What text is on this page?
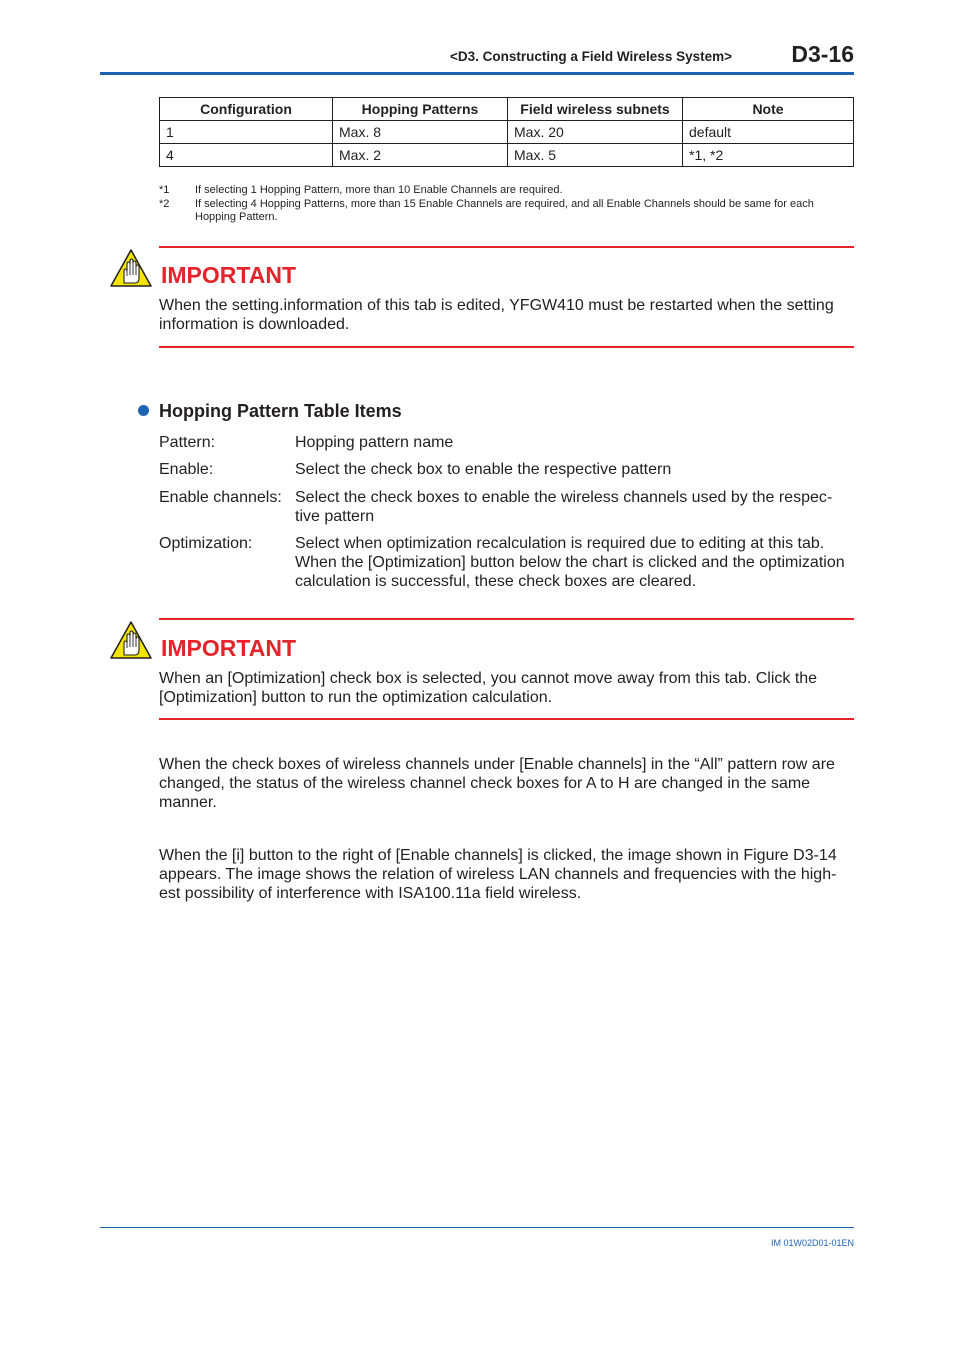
<D3. Constructing a Field Wireless System>	D3-16
Configuration	Hopping Patterns	Field wireless subnets	Note
1	Max. 8	Max. 20	default
4	Max. 2	Max. 5	*1, *2
*1	If selecting 1 Hopping Pattern, more than 10 Enable Channels are required.
*2	If selecting 4 Hopping Patterns, more than 15 Enable Channels are required, and all Enable Channels should be same for each Hopping Pattern.
IMPORTANT
When the setting.information of this tab is edited, YFGW410 must be restarted when the setting information is downloaded.
Hopping Pattern Table Items
Pattern:	Hopping pattern name
Enable:	Select the check box to enable the respective pattern
Enable channels: Select the check boxes to enable the wireless channels used by the respec-tive pattern
Optimization:	Select when optimization recalculation is required due to editing at this tab. When the [Optimization] button below the chart is clicked and the optimization calculation is successful, these check boxes are cleared.
IMPORTANT
When an [Optimization] check box is selected, you cannot move away from this tab. Click the [Optimization] button to run the optimization calculation.
When the check boxes of wireless channels under [Enable channels] in the “All” pattern row are changed, the status of the wireless channel check boxes for A to H are changed in the same manner.
When the [i] button to the right of [Enable channels] is clicked, the image shown in Figure D3-14 appears. The image shows the relation of wireless LAN channels and frequencies with the high-est possibility of interference with ISA100.11a field wireless.
IM 01W02D01-01EN
